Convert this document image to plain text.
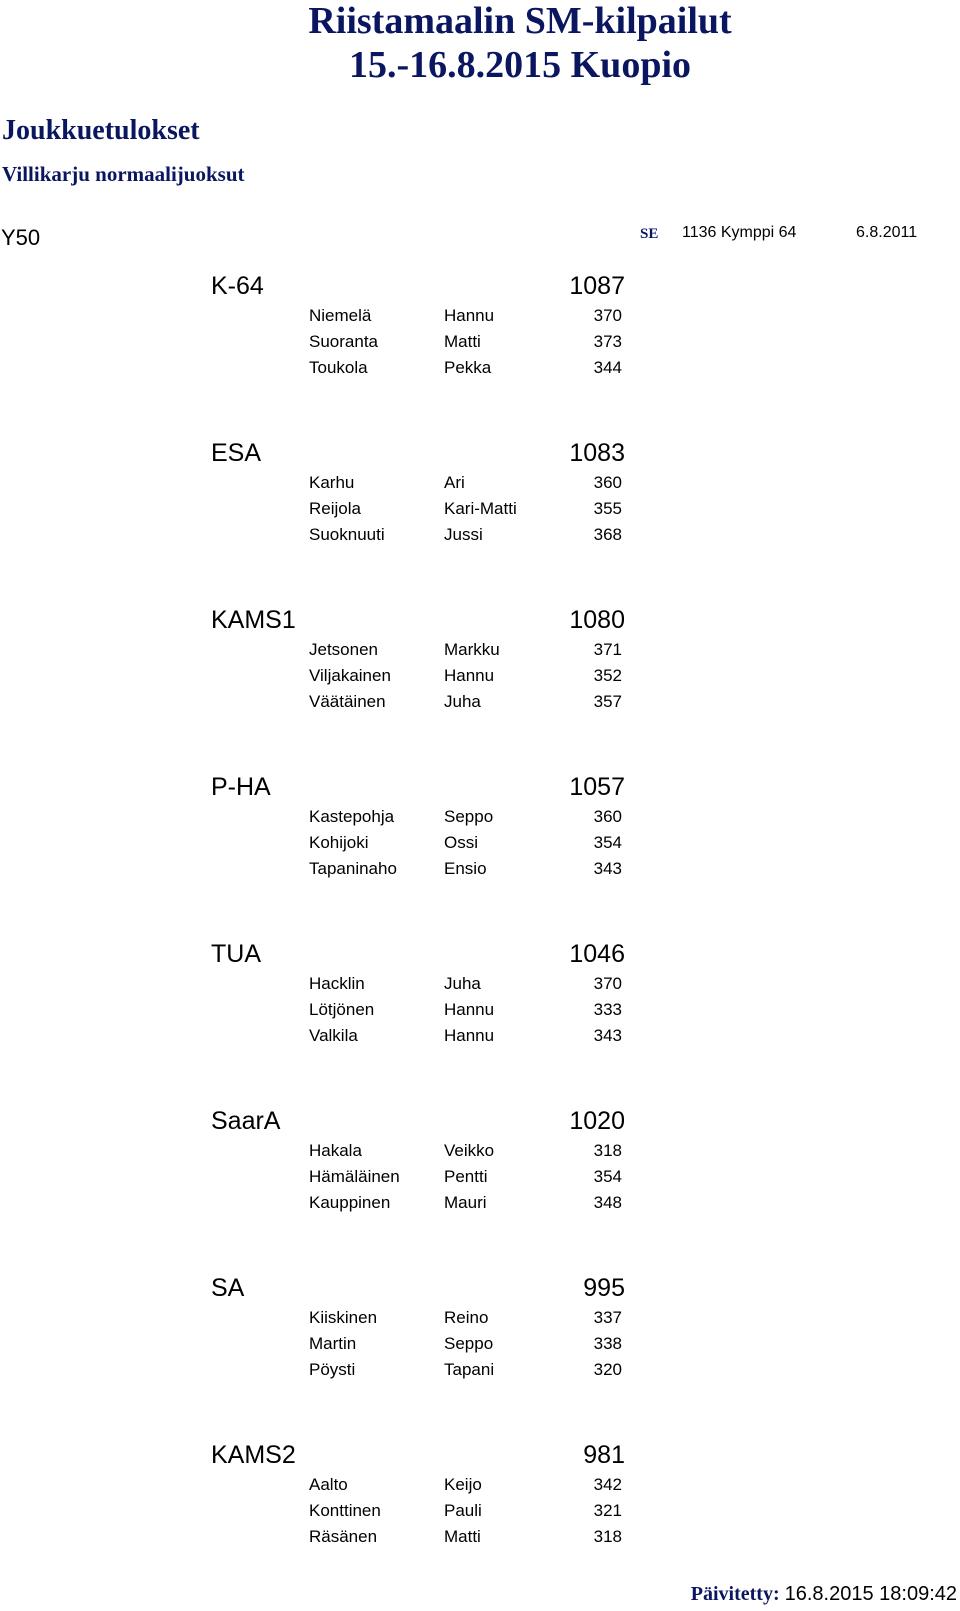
Riistamaalin SM-kilpailut
15.-16.8.2015 Kuopio
Joukkuetulokset
Villikarju normaalijuoksut
Y50	SE 1136 Kymppi 64	6.8.2011
K-64	1087
Niemelä	Hannu	370
Suoranta	Matti	373
Toukola	Pekka	344
ESA	1083
Karhu	Ari	360
Reijola	Kari-Matti	355
Suoknuuti	Jussi	368
KAMS1	1080
Jetsonen	Markku	371
Viljakainen	Hannu	352
Väätäinen	Juha	357
P-HA	1057
Kastepohja	Seppo	360
Kohijoki	Ossi	354
Tapaninaho	Ensio	343
TUA	1046
Hacklin	Juha	370
Lötjönen	Hannu	333
Valkila	Hannu	343
SaarA	1020
Hakala	Veikko	318
Hämäläinen	Pentti	354
Kauppinen	Mauri	348
SA	995
Kiiskinen	Reino	337
Martin	Seppo	338
Pöysti	Tapani	320
KAMS2	981
Aalto	Keijo	342
Konttinen	Pauli	321
Räsänen	Matti	318
Päivitetty: 16.8.2015 18:09:42
